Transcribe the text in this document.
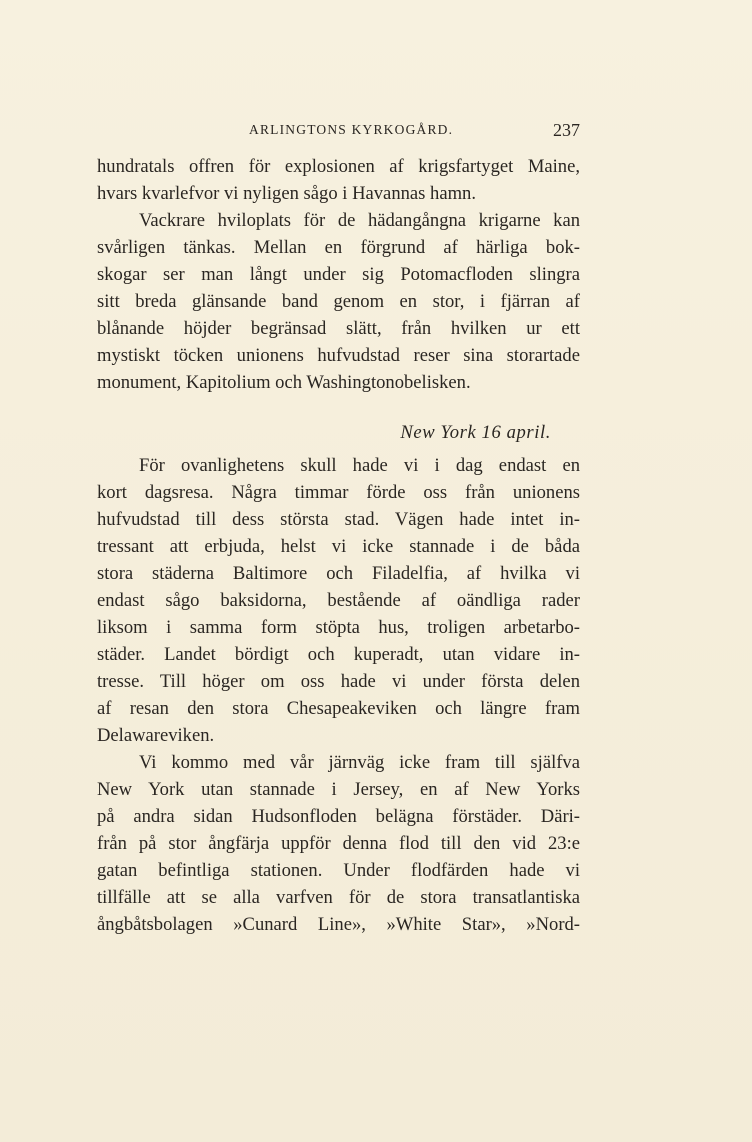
ARLINGTONS KYRKOGÅRD.	237
hundratals offren för explosionen af krigsfartyget Maine,
hvars kvarlefvor vi nyligen sågo i Havannas hamn.
Vackrare hviloplats för de hädangångna krigarne kan
svårligen tänkas. Mellan en förgrund af härliga bok-
skogar ser man långt under sig Potomacfloden slingra
sitt breda glänsande band genom en stor, i fjärran af
blånande höjder begränsad slätt, från hvilken ur ett
mystiskt töcken unionens hufvudstad reser sina storartade
monument, Kapitolium och Washingtonobelisken.
New York 16 april.
För ovanlighetens skull hade vi i dag endast en
kort dagsresa. Några timmar förde oss från unionens
hufvudstad till dess största stad. Vägen hade intet in-
tressant att erbjuda, helst vi icke stannade i de båda
stora städerna Baltimore och Filadelfia, af hvilka vi
endast sågo baksidorna, bestående af oändliga rader
liksom i samma form stöpta hus, troligen arbetarbo-
städer. Landet bördigt och kuperadt, utan vidare in-
tresse. Till höger om oss hade vi under första delen
af resan den stora Chesapeakeviken och längre fram
Delawareviken.
Vi kommo med vår järnväg icke fram till själfva
New York utan stannade i Jersey, en af New Yorks
på andra sidan Hudsonfloden belägna förstäder. Däri-
från på stor ångfärja uppför denna flod till den vid 23:e
gatan befintliga stationen. Under flodfärden hade vi
tillfälle att se alla varfven för de stora transatlantiska
ångbåtsbolagen »Cunard Line», »White Star», »Nord-
